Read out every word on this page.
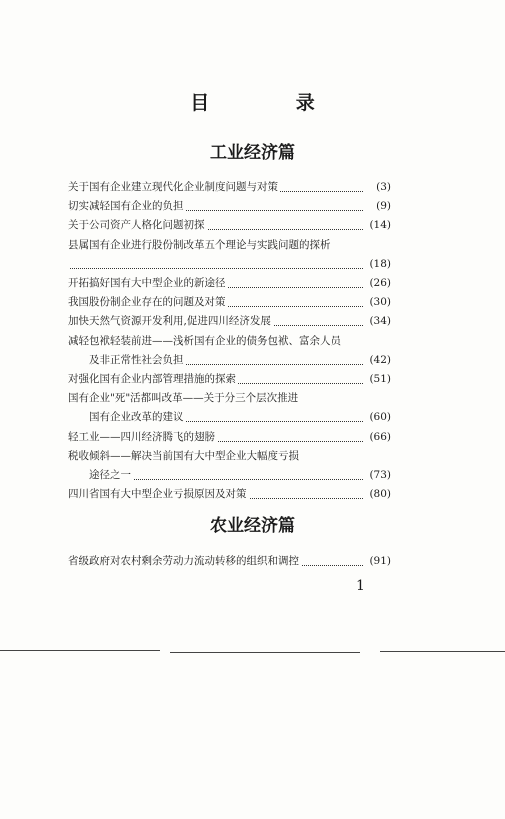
目 录
工业经济篇
关于国有企业建立现代化企业制度问题与对策	(3)
切实减轻国有企业的负担	(9)
关于公司资产人格化问题初探	(14)
县属国有企业进行股份制改革五个理论与实践问题的探析
(18)
开拓搞好国有大中型企业的新途径	(26)
我国股份制企业存在的问题及对策	(30)
加快天然气资源开发利用,促进四川经济发展	(34)
减轻包袱轻装前进——浅析国有企业的债务包袱、富余人员
　　及非正常性社会负担	(42)
对强化国有企业内部管理措施的探索	(51)
国有企业"死"活都叫改革——关于分三个层次推进
　　国有企业改革的建议	(60)
轻工业——四川经济腾飞的翅膀	(66)
税收倾斜——解决当前国有大中型企业大幅度亏损
　　途径之一	(73)
四川省国有大中型企业亏损原因及对策	(80)
农业经济篇
省级政府对农村剩余劳动力流动转移的组织和调控	(91)
1
